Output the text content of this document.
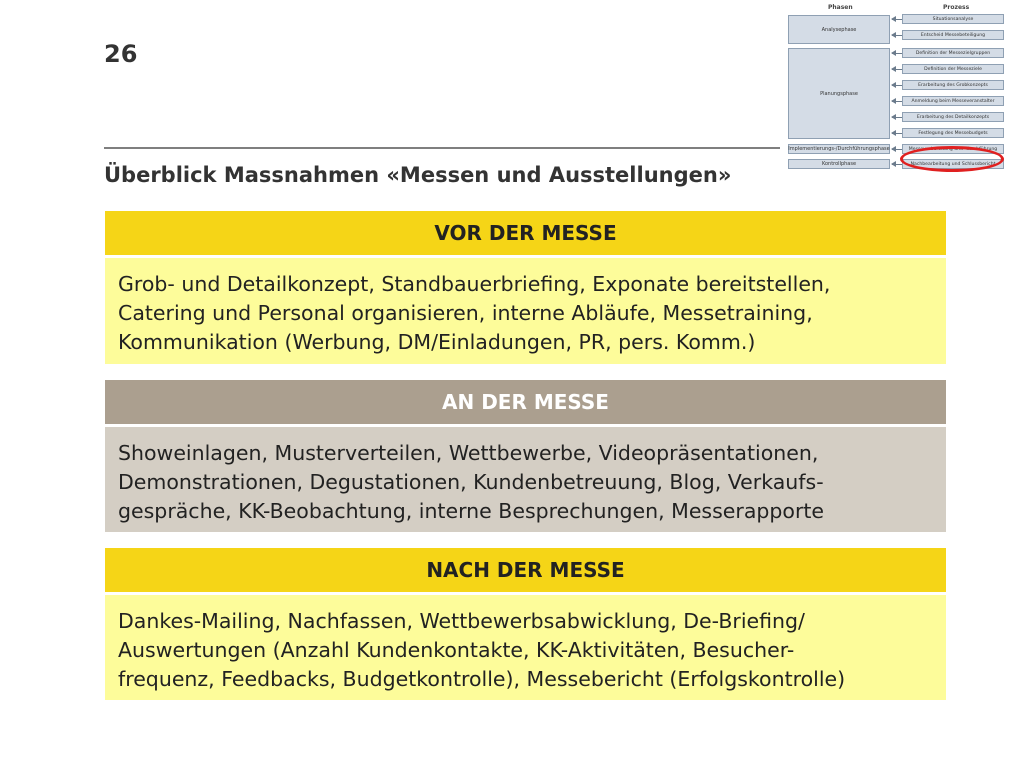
26
Phasen	Prozess
Analysephase
Planungsphase
Implementierungs-/Durchführungsphase
Kontrollphase
Situationsanalyse
Entscheid Messebeteiligung
Definition der Messezielgruppen
Definition der Messeziele
Erarbeitung des Grobkonzepts
Anmeldung beim Messeveranstalter
Erarbeitung des Detailkonzepts
Festlegung des Messebudgets
Messevorbereitung und -durchführung
Nachbearbeitung und Schlussbericht
Überblick Massnahmen «Messen und Ausstellungen»
VOR DER MESSE
Grob- und Detailkonzept, Standbauerbriefing, Exponate bereitstellen,
Catering und Personal organisieren, interne Abläufe, Messetraining,
Kommunikation (Werbung, DM/Einladungen, PR, pers. Komm.)
AN DER MESSE
Showeinlagen, Musterverteilen, Wettbewerbe, Videopräsentationen,
Demonstrationen, Degustationen, Kundenbetreuung, Blog, Verkaufs-
gespräche, KK-Beobachtung, interne Besprechungen, Messerapporte
NACH DER MESSE
Dankes-Mailing, Nachfassen, Wettbewerbsabwicklung, De-Briefing/
Auswertungen (Anzahl Kundenkontakte, KK-Aktivitäten, Besucher-
frequenz, Feedbacks, Budgetkontrolle), Messebericht (Erfolgskontrolle)
